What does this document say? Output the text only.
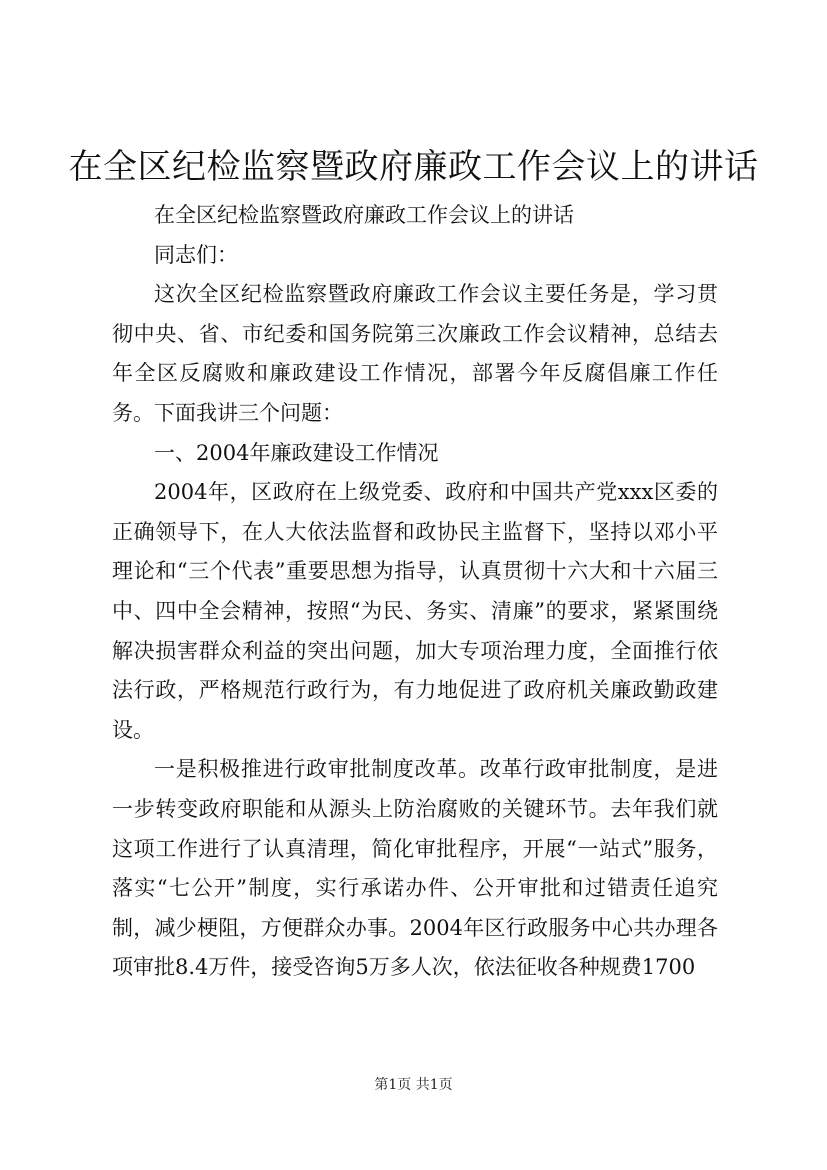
在全区纪检监察暨政府廉政工作会议上的讲话

在全区纪检监察暨政府廉政工作会议上的讲话

同志们：

这次全区纪检监察暨政府廉政工作会议主要任务是，学习贯彻中央、省、市纪委和国务院第三次廉政工作会议精神，总结去年全区反腐败和廉政建设工作情况，部署今年反腐倡廉工作任务。下面我讲三个问题：

一、2004年廉政建设工作情况

2004年，区政府在上级党委、政府和中国共产党xxx区委的正确领导下，在人大依法监督和政协民主监督下，坚持以邓小平理论和“三个代表”重要思想为指导，认真贯彻十六大和十六届三中、四中全会精神，按照“为民、务实、清廉”的要求，紧紧围绕解决损害群众利益的突出问题，加大专项治理力度，全面推行依法行政，严格规范行政行为，有力地促进了政府机关廉政勤政建设。

一是积极推进行政审批制度改革。改革行政审批制度，是进一步转变政府职能和从源头上防治腐败的关键环节。去年我们就这项工作进行了认真清理，简化审批程序，开展“一站式”服务，落实“七公开”制度，实行承诺办件、公开审批和过错责任追究制，减少梗阻，方便群众办事。2004年区行政服务中心共办理各项审批8.4万件，接受咨询5万多人次，依法征收各种规费1700

第1页 共1页
